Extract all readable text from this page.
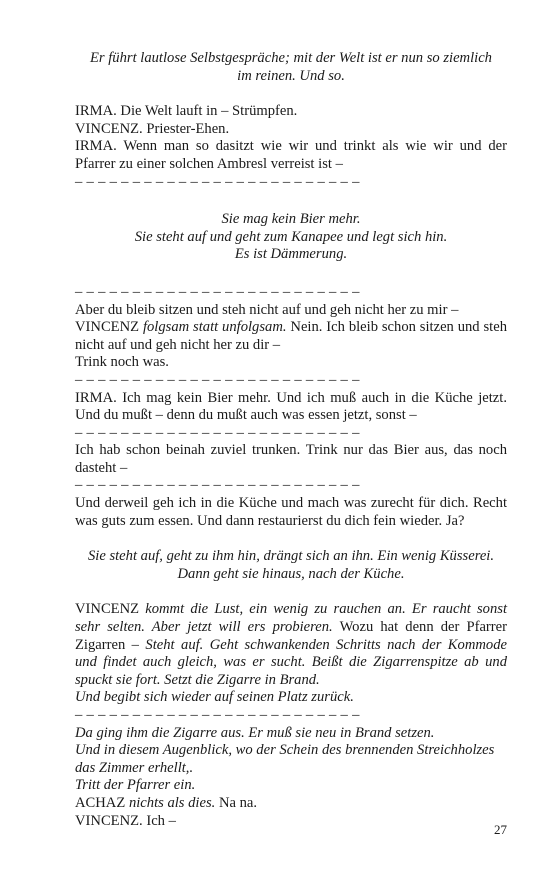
Er führt lautlose Selbstgespräche; mit der Welt ist er nun so ziemlich
im reinen. Und so.
IRMA. Die Welt lauft in – Strümpfen.
VINCENZ. Priester-Ehen.
IRMA. Wenn man so dasitzt wie wir und trinkt als wie wir und der Pfarrer zu einer solchen Ambresl verreist ist –
– – – – – – – – – – – – – – – – – – – – – – – – –
Sie mag kein Bier mehr.
Sie steht auf und geht zum Kanapee und legt sich hin.
Es ist Dämmerung.
– – – – – – – – – – – – – – – – – – – – – – – – –
Aber du bleib sitzen und steh nicht auf und geh nicht her zu mir –
VINCENZ folgsam statt unfolgsam. Nein. Ich bleib schon sitzen und steh nicht auf und geh nicht her zu dir –
Trink noch was.
– – – – – – – – – – – – – – – – – – – – – – – – –
IRMA. Ich mag kein Bier mehr. Und ich muß auch in die Küche jetzt. Und du mußt – denn du mußt auch was essen jetzt, sonst –
– – – – – – – – – – – – – – – – – – – – – – – – –
Ich hab schon beinah zuviel trunken. Trink nur das Bier aus, das noch dasteht –
– – – – – – – – – – – – – – – – – – – – – – – – –
Und derweil geh ich in die Küche und mach was zurecht für dich. Recht was guts zum essen. Und dann restaurierst du dich fein wieder. Ja?
Sie steht auf, geht zu ihm hin, drängt sich an ihn. Ein wenig Küsserei.
Dann geht sie hinaus, nach der Küche.
VINCENZ kommt die Lust, ein wenig zu rauchen an. Er raucht sonst sehr selten. Aber jetzt will ers probieren. Wozu hat denn der Pfarrer Zigarren – Steht auf. Geht schwankenden Schritts nach der Kommode und findet auch gleich, was er sucht. Beißt die Zigarrenspitze ab und spuckt sie fort. Setzt die Zigarre in Brand.
Und begibt sich wieder auf seinen Platz zurück.
– – – – – – – – – – – – – – – – – – – – – – – – –
Da ging ihm die Zigarre aus. Er muß sie neu in Brand setzen.
Und in diesem Augenblick, wo der Schein des brennenden Streichholzes das Zimmer erhellt,.
Tritt der Pfarrer ein.
ACHAZ nichts als dies. Na na.
VINCENZ. Ich –
27
